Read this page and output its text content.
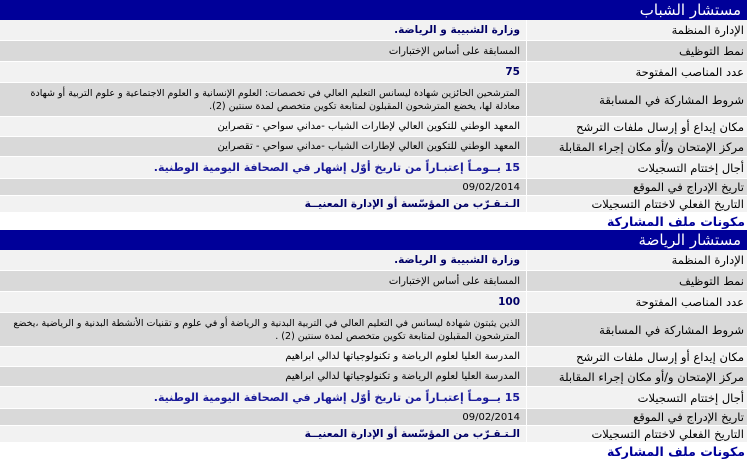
مستشار الشباب
الإدارة المنظمة
وزارة الشبيبة و الرياضة.
نمط التوظيف
المسابقة على أساس الإختبارات
عدد المناصب المفتوحة
75
شروط المشاركة في المسابقة
المترشحين الحائزين شهادة ليسانس التعليم العالي في تخصصات: العلوم الإنسانية و العلوم الاجتماعية و علوم التربية أو شهادة معادلة لها، يخضع المترشحون المقبلون لمتابعة تكوين متخصص لمدة سنتين (2).
مكان إيداع أو إرسال ملفات الترشح
المعهد الوطني للتكوين العالي لإطارات الشباب -مداني سواحي - تقصراين
مركز الإمتحان و/أو مكان إجراء المقابلة
المعهد الوطني للتكوين العالي لإطارات الشباب -مداني سواحي - تقصراين
أجال إختتام التسجيلات
15 يــومـاً إعتبـاراً من تاريخ أوّل إشهار في الصحافة اليومية الوطنية.
تاريخ الإدراج في الموقع
09/02/2014
التاريخ الفعلي لاختتام التسجيلات
الـتـقـرّب من المؤسّسة أو الإدارة المعنيــة
مكونات ملف المشاركة
مستشار الرياضة
الإدارة المنظمة
وزارة الشبيبة و الرياضة.
نمط التوظيف
المسابقة على أساس الإختبارات
عدد المناصب المفتوحة
100
شروط المشاركة في المسابقة
الذين يثبتون شهادة ليسانس في التعليم العالي في التربية البدنية و الرياضة أو في علوم و تقنيات الأنشطة البدنية و الرياضية ،يخضع المترشحون المقبلون لمتابعة تكوين متخصص لمدة سنتين (2) .
مكان إيداع أو إرسال ملفات الترشح
المدرسة العليا لعلوم الرياضة و تكنولوجياتها لدالي ابراهيم
مركز الإمتحان و/أو مكان إجراء المقابلة
المدرسة العليا لعلوم الرياضة و تكنولوجياتها لدالي ابراهيم
أجال إختتام التسجيلات
15 يــومـاً إعتبـاراً من تاريخ أوّل إشهار في الصحافة اليومية الوطنية.
تاريخ الإدراج في الموقع
09/02/2014
التاريخ الفعلي لاختتام التسجيلات
الـتـقـرّب من المؤسّسة أو الإدارة المعنيــة
مكونات ملف المشاركة
